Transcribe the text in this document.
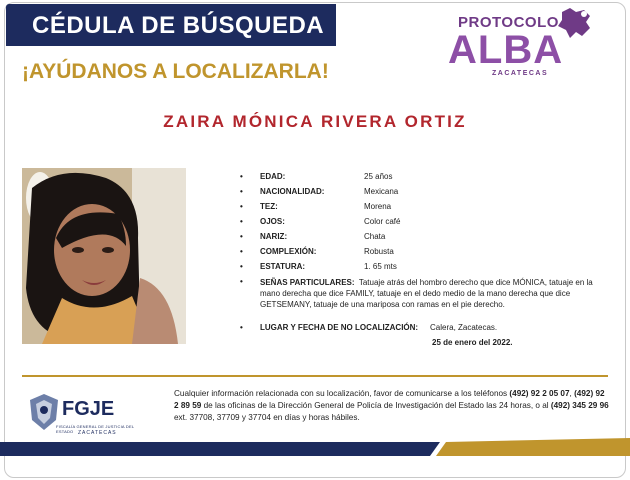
CÉDULA DE BÚSQUEDA
¡AYÚDANOS A LOCALIZARLA!
PROTOCOLO
ALBA
ZACATECAS
ZAIRA MÓNICA RIVERA ORTIZ
• EDAD:	25 años
• NACIONALIDAD:	Mexicana
• TEZ:	Morena
• OJOS:	Color café
• NARIZ:	Chata
• COMPLEXIÓN:	Robusta
• ESTATURA:	1. 65 mts
• SEÑAS PARTICULARES: Tatuaje atrás del hombro derecho que dice MÓNICA, tatuaje en la mano derecha que dice FAMILY, tatuaje en el dedo medio de la mano derecha que dice GETSEMANY, tatuaje de una mariposa con ramas en el pie derecho.
• LUGAR Y FECHA DE NO LOCALIZACIÓN: Calera, Zacatecas.
25 de enero del 2022.
FGJE
FISCALÍA GENERAL DE JUSTICIA DEL ESTADO ZACATECAS
Cualquier información relacionada con su localización, favor de comunicarse a los teléfonos (492) 92 2 05 07, (492) 92 2 89 59 de las oficinas de la Dirección General de Policía de Investigación del Estado las 24 horas, o al (492) 345 29 96 ext. 37708, 37709 y 37704 en días y horas hábiles.
